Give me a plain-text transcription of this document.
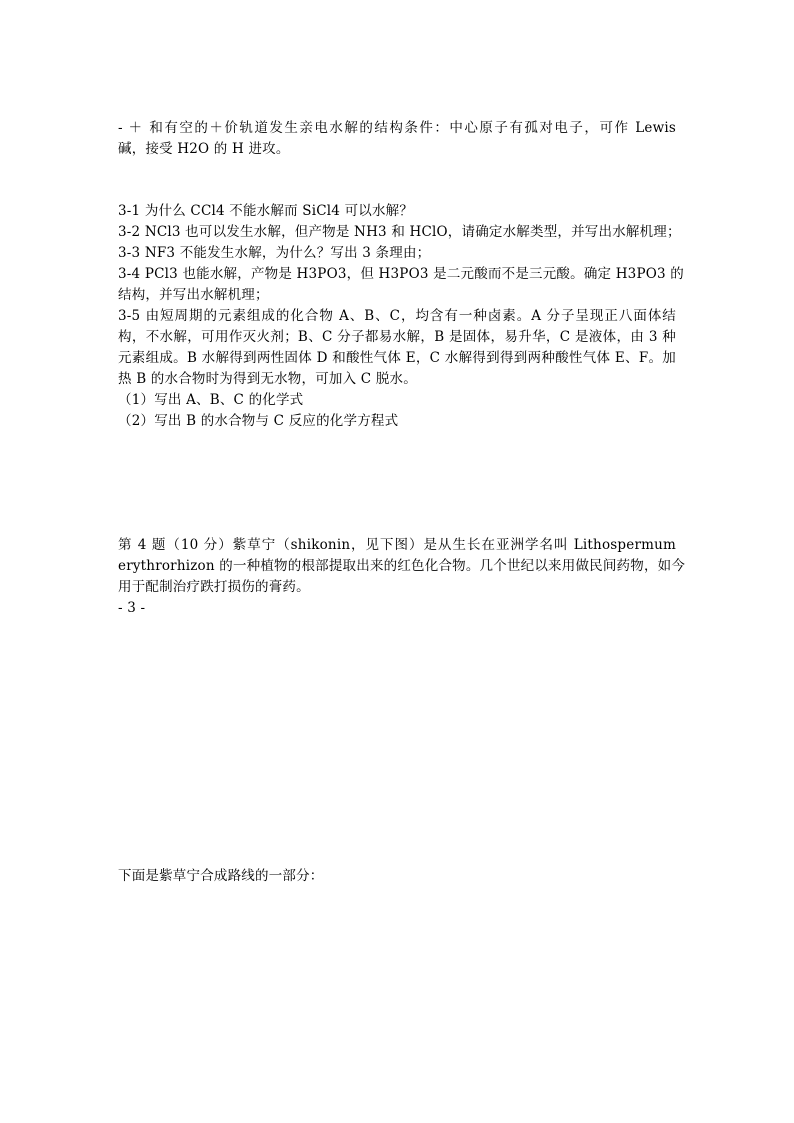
- ＋ 和有空的＋价轨道发生亲电水解的结构条件：中心原子有孤对电子，可作 Lewis
碱，接受 H2O 的 H 进攻。
3-1 为什么 CCl4 不能水解而 SiCl4 可以水解？
3-2 NCl3 也可以发生水解，但产物是 NH3 和 HClO，请确定水解类型，并写出水解机理；
3-3 NF3 不能发生水解，为什么？写出 3 条理由；
3-4 PCl3 也能水解，产物是 H3PO3，但 H3PO3 是二元酸而不是三元酸。确定 H3PO3 的
结构，并写出水解机理；
3-5 由短周期的元素组成的化合物 A、B、C，均含有一种卤素。A 分子呈现正八面体结
构，不水解，可用作灭火剂；B、C 分子都易水解，B 是固体，易升华，C 是液体，由 3 种
元素组成。B 水解得到两性固体 D 和酸性气体 E，C 水解得到得到两种酸性气体 E、F。加
热 B 的水合物时为得到无水物，可加入 C 脱水。
（1）写出 A、B、C 的化学式
（2）写出 B 的水合物与 C 反应的化学方程式
第 4 题（10 分）紫草宁（shikonin，见下图）是从生长在亚洲学名叫 Lithospermum
erythrorhizon 的一种植物的根部提取出来的红色化合物。几个世纪以来用做民间药物，如今
用于配制治疗跌打损伤的膏药。
- 3 -
下面是紫草宁合成路线的一部分：
